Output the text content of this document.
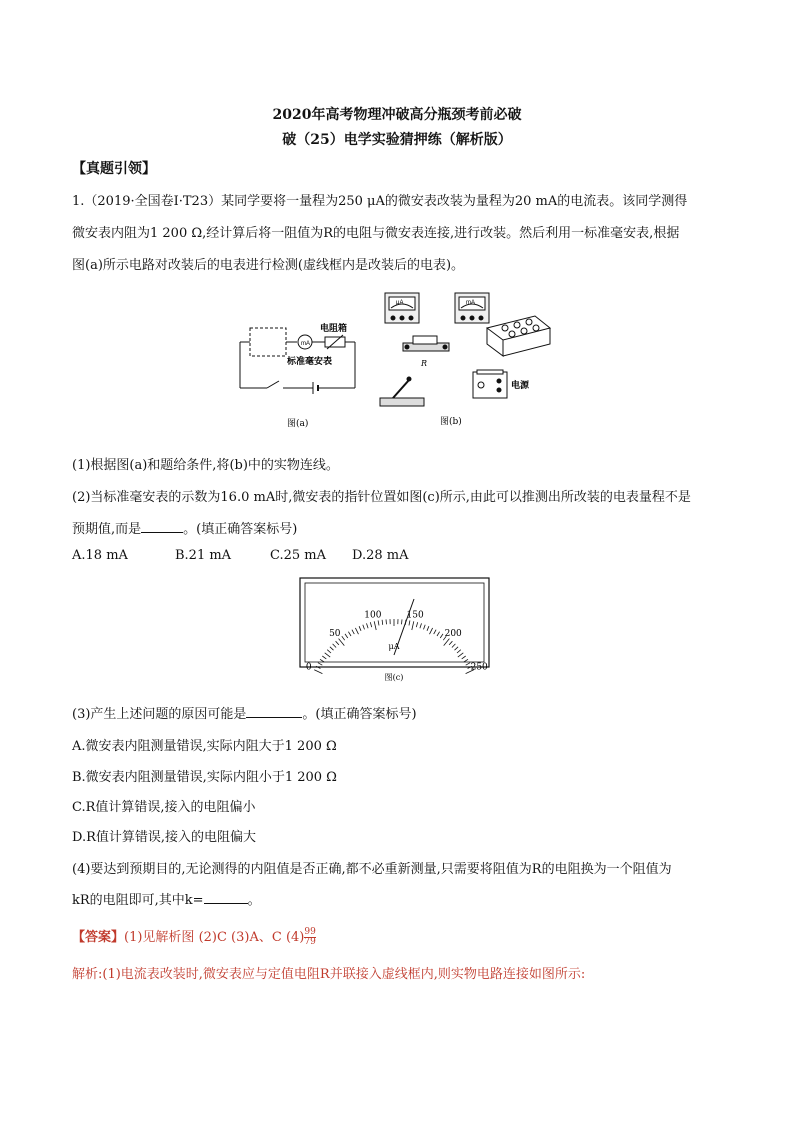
2020年高考物理冲破高分瓶颈考前必破
破（25）电学实验猜押练（解析版）
【真题引领】
1.（2019·全国卷Ⅰ·T23）某同学要将一量程为250 μA的微安表改装为量程为20 mA的电流表。该同学测得
微安表内阻为1 200 Ω,经计算后将一阻值为R的电阻与微安表连接,进行改装。然后利用一标准毫安表,根据
图(a)所示电路对改装后的电表进行检测(虚线框内是改装后的电表)。
mA
电阻箱
标准毫安表
图(a)
μA	mA
R
电源
图(b)
(1)根据图(a)和题给条件,将(b)中的实物连线。
(2)当标准毫安表的示数为16.0 mA时,微安表的指针位置如图(c)所示,由此可以推测出所改装的电表量程不是
预期值,而是	。(填正确答案标号)
A.18 mA	B.21 mA	C.25 mA D.28 mA
0
50
100	150
200
250
μA
图(c)
(3)产生上述问题的原因可能是	。(填正确答案标号)
A.微安表内阻测量错误,实际内阻大于1 200 Ω
B.微安表内阻测量错误,实际内阻小于1 200 Ω
C.R值计算错误,接入的电阻偏小
D.R值计算错误,接入的电阻偏大
(4)要达到预期目的,无论测得的内阻值是否正确,都不必重新测量,只需要将阻值为R的电阻换为一个阻值为
kR的电阻即可,其中k=	。
【答案】(1)见解析图 (2)C (3)A、C $(4) \frac{99}{79}$
解析:(1)电流表改装时,微安表应与定值电阻R并联接入虚线框内,则实物电路连接如图所示:
